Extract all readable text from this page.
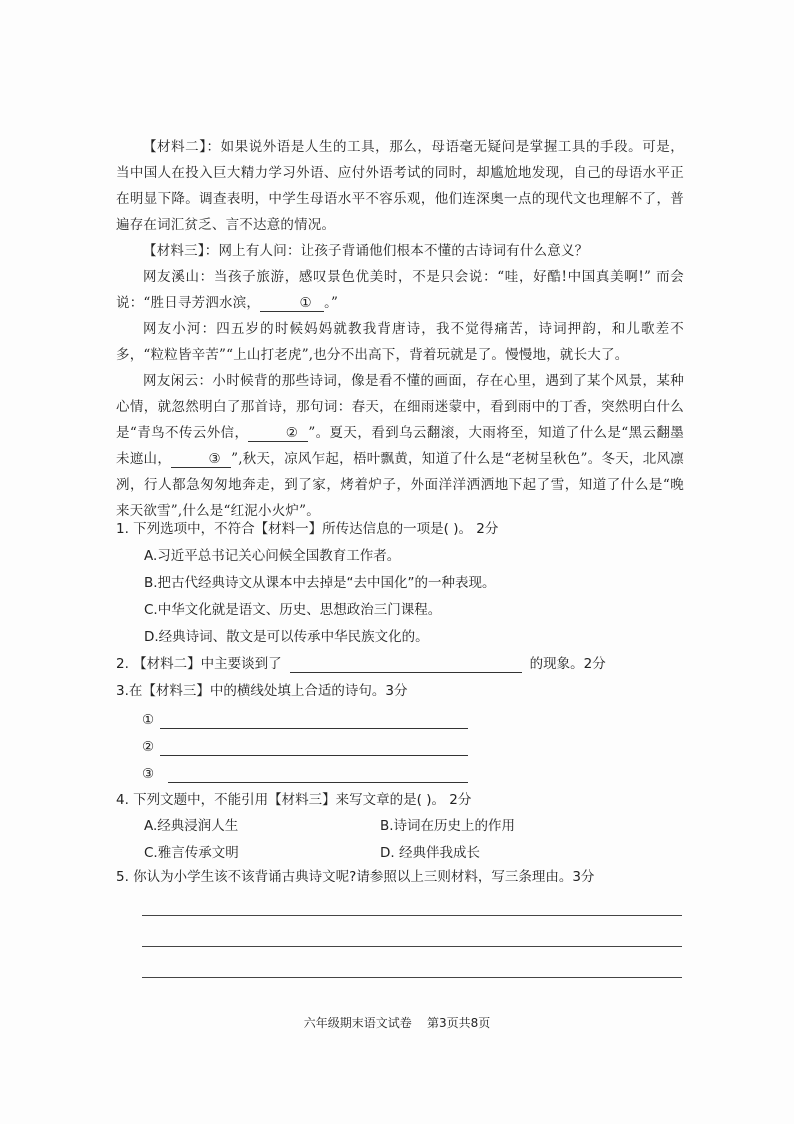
【材料二】：如果说外语是人生的工具，那么，母语毫无疑问是掌握工具的手段。可是，当中国人在投入巨大精力学习外语、应付外语考试的同时，却尴尬地发现，自己的母语水平正在明显下降。调查表明，中学生母语水平不容乐观，他们连深奥一点的现代文也理解不了，普遍存在词汇贫乏、言不达意的情况。
【材料三】：网上有人问：让孩子背诵他们根本不懂的古诗词有什么意义？
网友溪山：当孩子旅游，感叹景色优美时，不是只会说：“哇，好酷!中国真美啊!” 而会说：“胜日寻芳泗水滨，	① 。”
网友小河：四五岁的时候妈妈就教我背唐诗，我不觉得痛苦，诗词押韵，和儿歌差不多，“粒粒皆辛苦”“上山打老虎”,也分不出高下，背着玩就是了。慢慢地，就长大了。
网友闲云：小时候背的那些诗词，像是看不懂的画面，存在心里，遇到了某个风景，某种心情，就忽然明白了那首诗，那句词：春天，在细雨迷蒙中，看到雨中的丁香，突然明白什么是“青鸟不传云外信，	② ”。夏天，看到乌云翻滚，大雨将至，知道了什么是“黑云翻墨未遮山，	③ ”,秋天，凉风乍起，梧叶飘黄，知道了什么是“老树呈秋色”。冬天，北风凛冽，行人都急匆匆地奔走，到了家，烤着炉子，外面洋洋洒洒地下起了雪，知道了什么是“晚来天欲雪”,什么是“红泥小火炉”。
1. 下列选项中，不符合【材料一】所传达信息的一项是( )。 2分
A.习近平总书记关心问候全国教育工作者。
B.把古代经典诗文从课本中去掉是“去中国化”的一种表现。
C.中华文化就是语文、历史、思想政治三门课程。
D.经典诗词、散文是可以传承中华民族文化的。
2. 【材料二】中主要谈到了	的现象。2分
3.在【材料三】中的横线处填上合适的诗句。3分
①
②
③
4. 下列文题中，不能引用【材料三】来写文章的是( )。 2分
A.经典浸润人生	B.诗词在历史上的作用
C.雅言传承文明	D. 经典伴我成长
5. 你认为小学生该不该背诵古典诗文呢?请参照以上三则材料，写三条理由。3分
六年级期末语文试卷    第3页共8页
